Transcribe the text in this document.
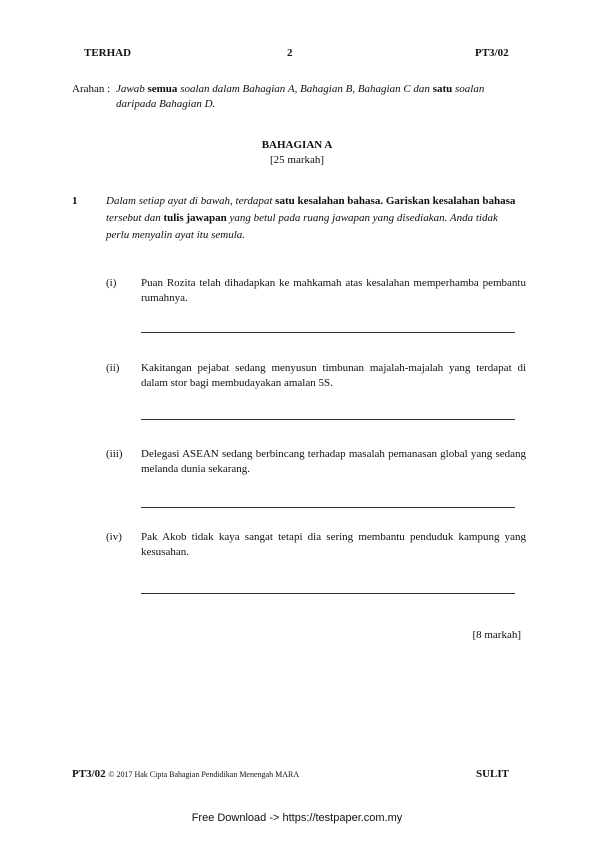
TERHAD	2	PT3/02
Arahan : Jawab semua soalan dalam Bahagian A, Bahagian B, Bahagian C dan satu soalan daripada Bahagian D.
BAHAGIAN A
[25 markah]
1	Dalam setiap ayat di bawah, terdapat satu kesalahan bahasa. Gariskan kesalahan bahasa tersebut dan tulis jawapan yang betul pada ruang jawapan yang disediakan. Anda tidak perlu menyalin ayat itu semula.
(i) Puan Rozita telah dihadapkan ke mahkamah atas kesalahan memperhamba pembantu rumahnya.
(ii) Kakitangan pejabat sedang menyusun timbunan majalah-majalah yang terdapat di dalam stor bagi membudayakan amalan 5S.
(iii) Delegasi ASEAN sedang berbincang terhadap masalah pemanasan global yang sedang melanda dunia sekarang.
(iv) Pak Akob tidak kaya sangat tetapi dia sering membantu penduduk kampung yang kesusahan.
[8 markah]
PT3/02 © 2017 Hak Cipta Bahagian Pendidikan Menengah MARA	SULIT
Free Download -> https://testpaper.com.my
